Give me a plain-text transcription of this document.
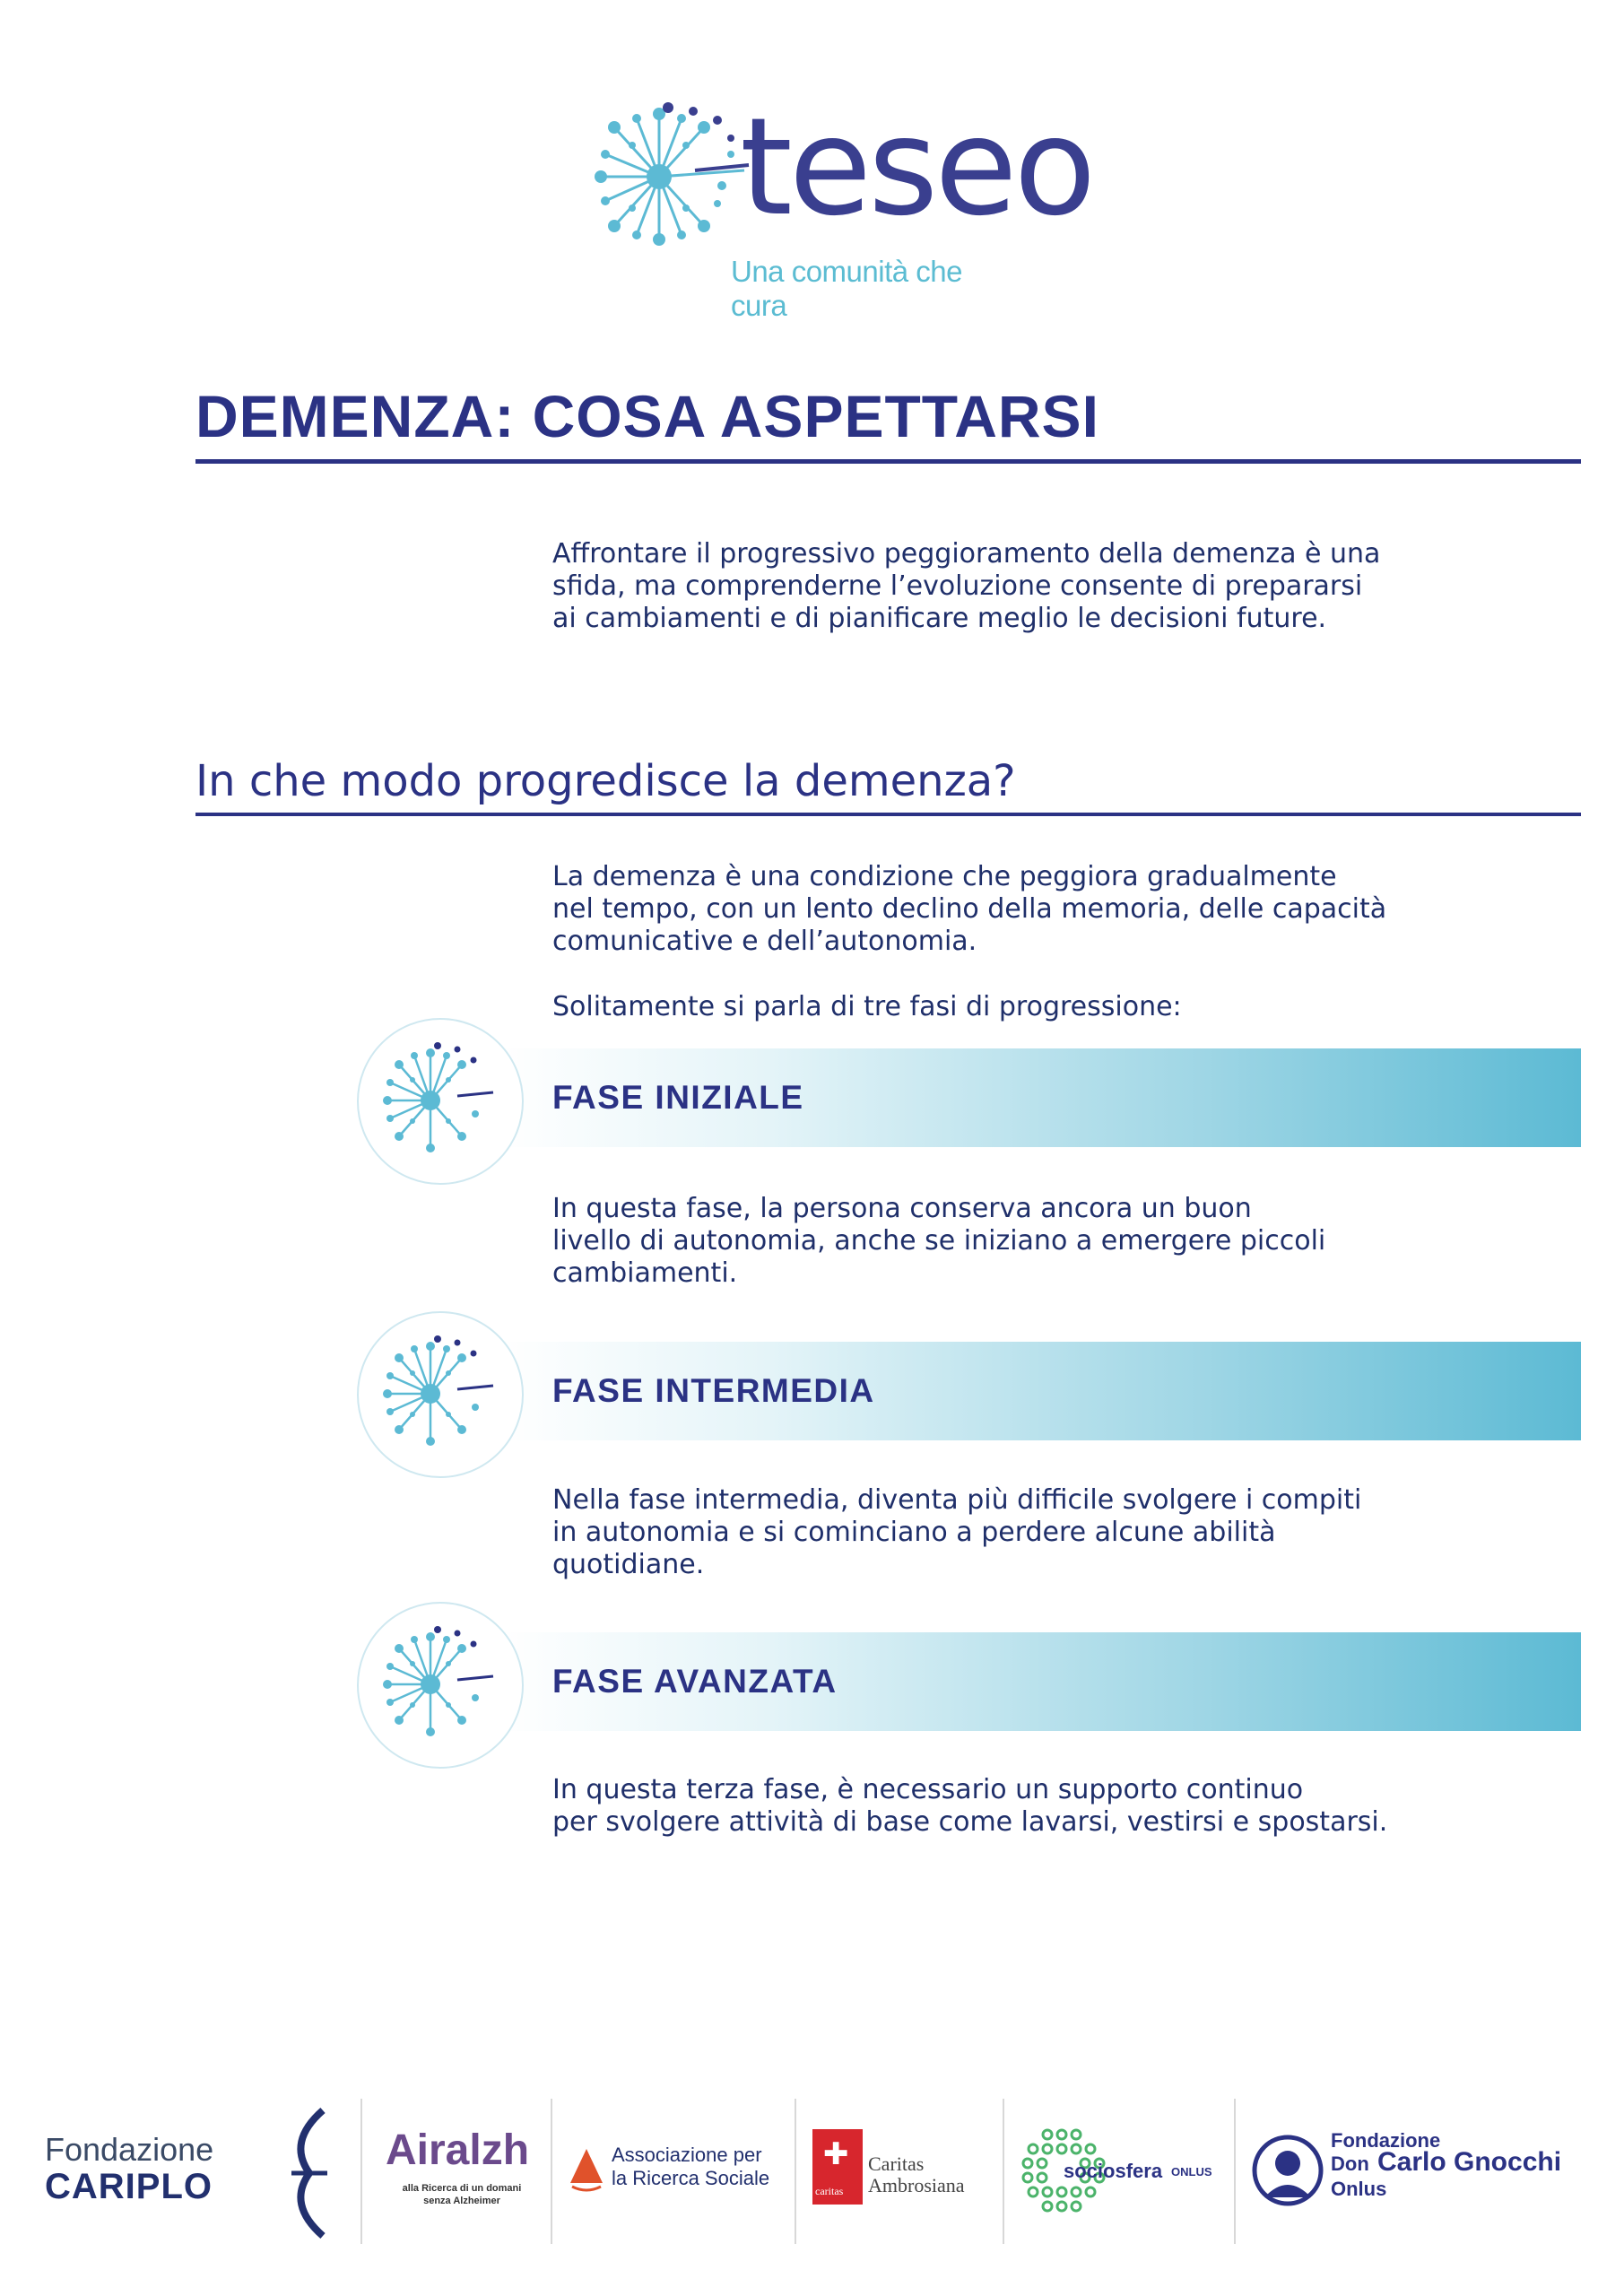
teseo
Una comunità che cura
DEMENZA: COSA ASPETTARSI
Affrontare il progressivo peggioramento della demenza è una
sfida, ma comprenderne l’evoluzione consente di prepararsi
ai cambiamenti e di pianificare meglio le decisioni future.
In che modo progredisce la demenza?
La demenza è una condizione che peggiora gradualmente
nel tempo, con un lento declino della memoria, delle capacità
comunicative e dell’autonomia.
Solitamente si parla di tre fasi di progressione:
FASE INIZIALE
In questa fase, la persona conserva ancora un buon
livello di autonomia, anche se iniziano a emergere piccoli
cambiamenti.
FASE INTERMEDIA
Nella fase intermedia, diventa più difficile svolgere i compiti
in autonomia e si cominciano a perdere alcune abilità
quotidiane.
FASE AVANZATA
In questa terza fase, è necessario un supporto continuo
per svolgere attività di base come lavarsi, vestirsi e spostarsi.
Fondazione
CARIPLO
Airalzh
alla Ricerca di un domani
senza Alzheimer
Associazione per
la Ricerca Sociale
✚
caritas
Caritas
Ambrosiana
sociosfera ONLUS
Fondazione
Don Carlo Gnocchi
Onlus
